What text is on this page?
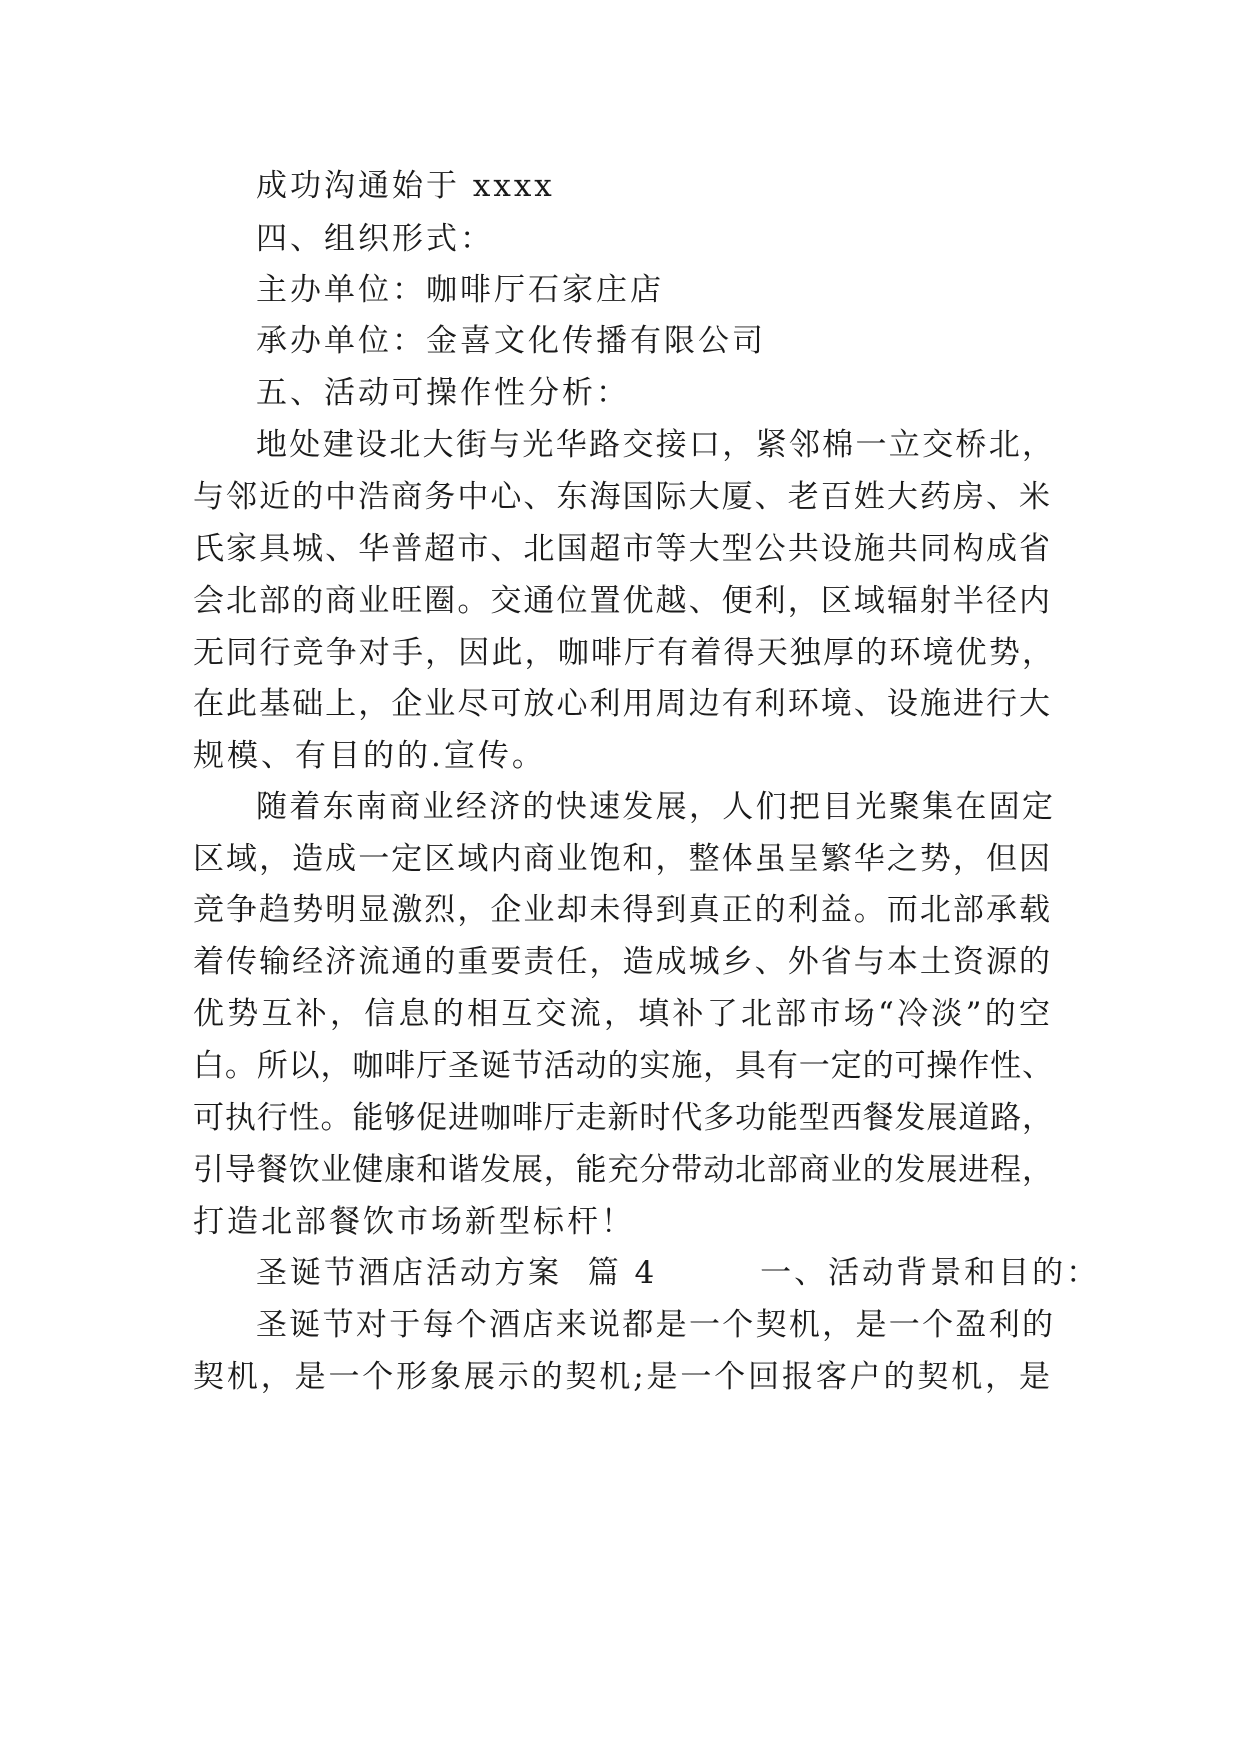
成功沟通始于 xxxx
四、组织形式：
主办单位：咖啡厅石家庄店
承办单位：金喜文化传播有限公司
五、活动可操作性分析：
地处建设北大街与光华路交接口，紧邻棉一立交桥北，
与邻近的中浩商务中心、东海国际大厦、老百姓大药房、米
氏家具城、华普超市、北国超市等大型公共设施共同构成省
会北部的商业旺圈。交通位置优越、便利，区域辐射半径内
无同行竞争对手，因此，咖啡厅有着得天独厚的环境优势，
在此基础上，企业尽可放心利用周边有利环境、设施进行大
规模、有目的的.宣传。
随着东南商业经济的快速发展，人们把目光聚集在固定
区域，造成一定区域内商业饱和，整体虽呈繁华之势，但因
竞争趋势明显激烈，企业却未得到真正的利益。而北部承载
着传输经济流通的重要责任，造成城乡、外省与本土资源的
优势互补，信息的相互交流，填补了北部市场“冷淡”的空
白。所以，咖啡厅圣诞节活动的实施，具有一定的可操作性、
可执行性。能够促进咖啡厅走新时代多功能型西餐发展道路，
引导餐饮业健康和谐发展，能充分带动北部商业的发展进程，
打造北部餐饮市场新型标杆！
圣诞节酒店活动方案  篇 4        一、活动背景和目的：
圣诞节对于每个酒店来说都是一个契机，是一个盈利的
契机，是一个形象展示的契机;是一个回报客户的契机，是
